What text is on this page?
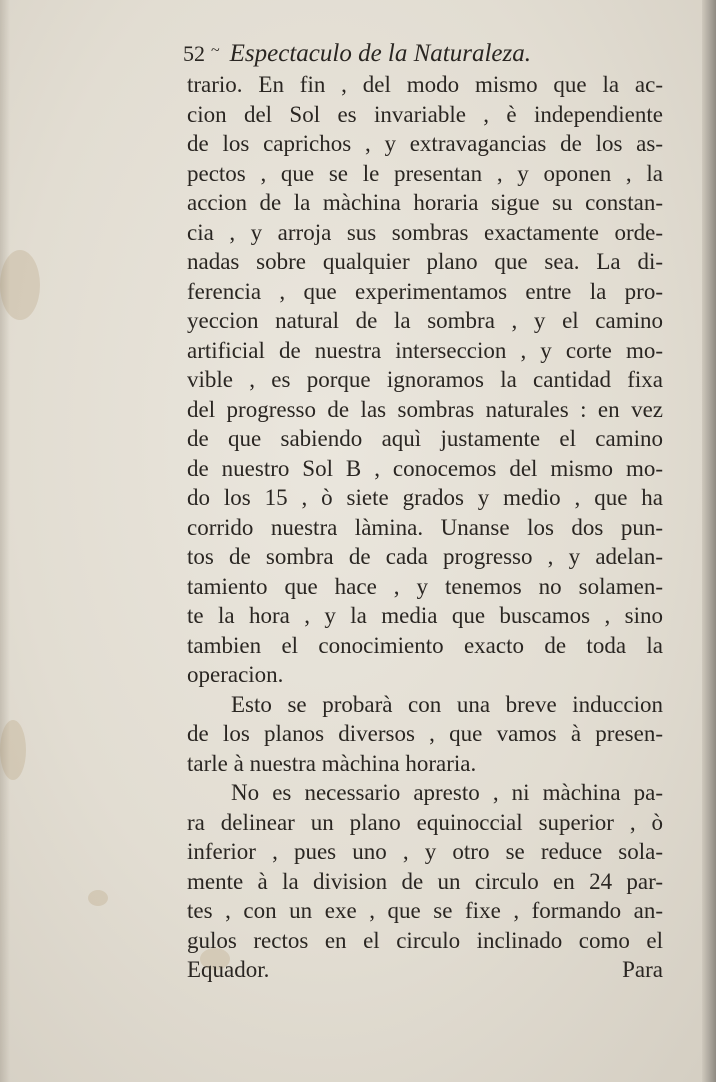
52 ~ Espectaculo de la Naturaleza.
trario. En fin , del modo mismo que la ac-
cion del Sol es invariable , è independiente
de los caprichos , y extravagancias de los as-
pectos , que se le presentan , y oponen , la
accion de la màchina horaria sigue su constan-
cia , y arroja sus sombras exactamente orde-
nadas sobre qualquier plano que sea. La di-
ferencia , que experimentamos entre la pro-
yeccion natural de la sombra , y el camino
artificial de nuestra interseccion , y corte mo-
vible , es porque ignoramos la cantidad fixa
del progresso de las sombras naturales : en vez
de que sabiendo aquì justamente el camino
de nuestro Sol B , conocemos del mismo mo-
do los 15 , ò siete grados y medio , que ha
corrido nuestra làmina. Unanse los dos pun-
tos de sombra de cada progresso , y adelan-
tamiento que hace , y tenemos no solamen-
te la hora , y la media que buscamos , sino
tambien el conocimiento exacto de toda la
operacion.
Esto se probarà con una breve induccion
de los planos diversos , que vamos à presen-
tarle à nuestra màchina horaria.
No es necessario apresto , ni màchina pa-
ra delinear un plano equinoccial superior , ò
inferior , pues uno , y otro se reduce sola-
mente à la division de un circulo en 24 par-
tes , con un exe , que se fixe , formando an-
gulos rectos en el circulo inclinado como el
Equador.	Para
